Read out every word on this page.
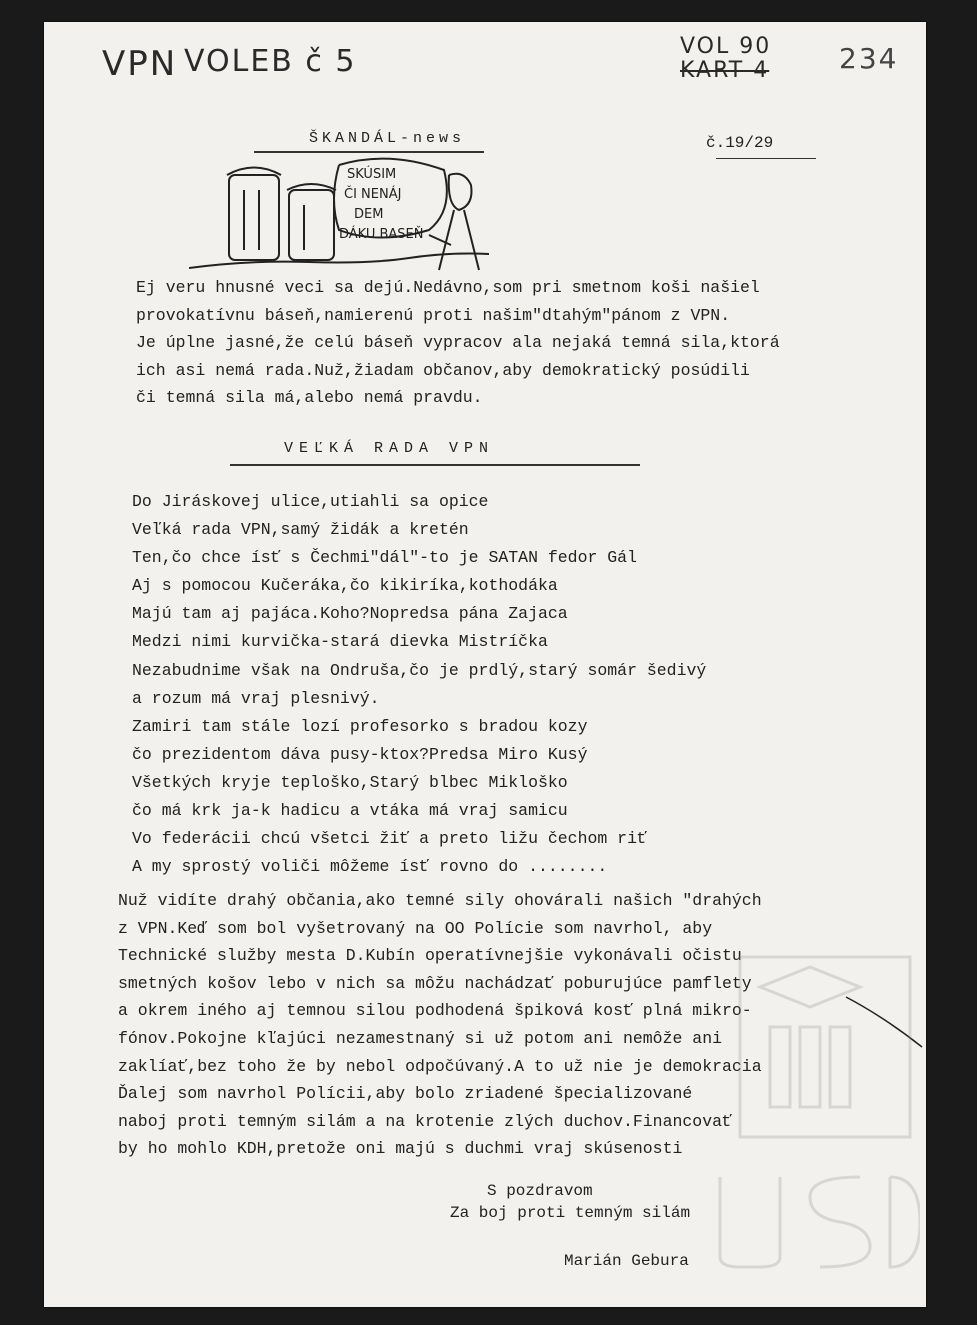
VPN VOLEB č 5	VOL 90
KART 4 234
ŠKANDÁL-news	č.19/29
SKÚSIM
ČI NENÁJ
DEM
DÁKU BASEŇ
Ej veru hnusné veci sa dejú.Nedávno,som pri smetnom koši našiel
provokatívnu báseň,namierenú proti našim"dtahým"pánom z VPN.
Je úplne jasné,že celú báseň vypracov ala nejaká temná sila,ktorá
ich asi nemá rada.Nuž,žiadam občanov,aby demokratický posúdili
či temná sila má,alebo nemá pravdu.
VEĽKÁ RADA VPN
Do Jiráskovej ulice,utiahli sa opice
Veľká rada VPN,samý židák a kretén
Ten,čo chce ísť s Čechmi"dál"-to je SATAN fedor Gál
Aj s pomocou Kučeráka,čo kikiríka,kothodáka
Majú tam aj pajáca.Koho?Nopredsa pána Zajaca
Medzi nimi kurvička-stará dievka Mistríčka
Nezabudnime však na Ondruša,čo je prdlý,starý somár šedivý
a rozum má vraj plesnivý.
Zamiri tam stále lozí profesorko s bradou kozy
čo prezidentom dáva pusy-ktox?Predsa Miro Kusý
Všetkých kryje teploško,Starý blbec Mikloško
čo má krk ja-k hadicu a vtáka má vraj samicu
Vo federácii chcú všetci žiť a preto ližu čechom riť
A my sprostý voliči môžeme ísť rovno do ........
Nuž vidíte drahý občania,ako temné sily ohovárali našich "drahých
z VPN.Keď som bol vyšetrovaný na OO Polície som navrhol, aby
Technické služby mesta D.Kubín operatívnejšie vykonávali očistu
smetných košov lebo v nich sa môžu nachádzať poburujúce pamflety
a okrem iného aj temnou silou podhodená špiková kosť plná mikro-
fónov.Pokojne kľajúci nezamestnaný si už potom ani nemôže ani
zaklíať,bez toho že by nebol odpočúvaný.A to už nie je demokracia
Ďalej som navrhol Polícii,aby bolo zriadené špecializované
naboj proti temným silám a na krotenie zlých duchov.Financovať
by ho mohlo KDH,pretože oni majú s duchmi vraj skúsenosti
S pozdravom
Za boj proti temným silám
Marián Gebura
